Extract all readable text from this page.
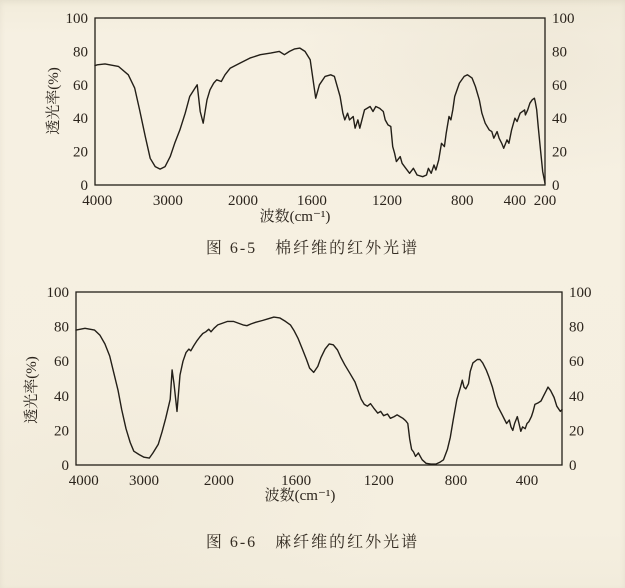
0	0
20	20
40	40
60	60
80	80
100	100
4000	3000	2000	1600	1200	800 400 200
波数(cm⁻¹)
透光率(%)
0	0
20	20
40	40
60	60
80	80
100	100
4000 3000	2000	1600	1200	800	400
波数(cm⁻¹)
透光率(%)
图 6-5　棉纤维的红外光谱
图 6-6　麻纤维的红外光谱
